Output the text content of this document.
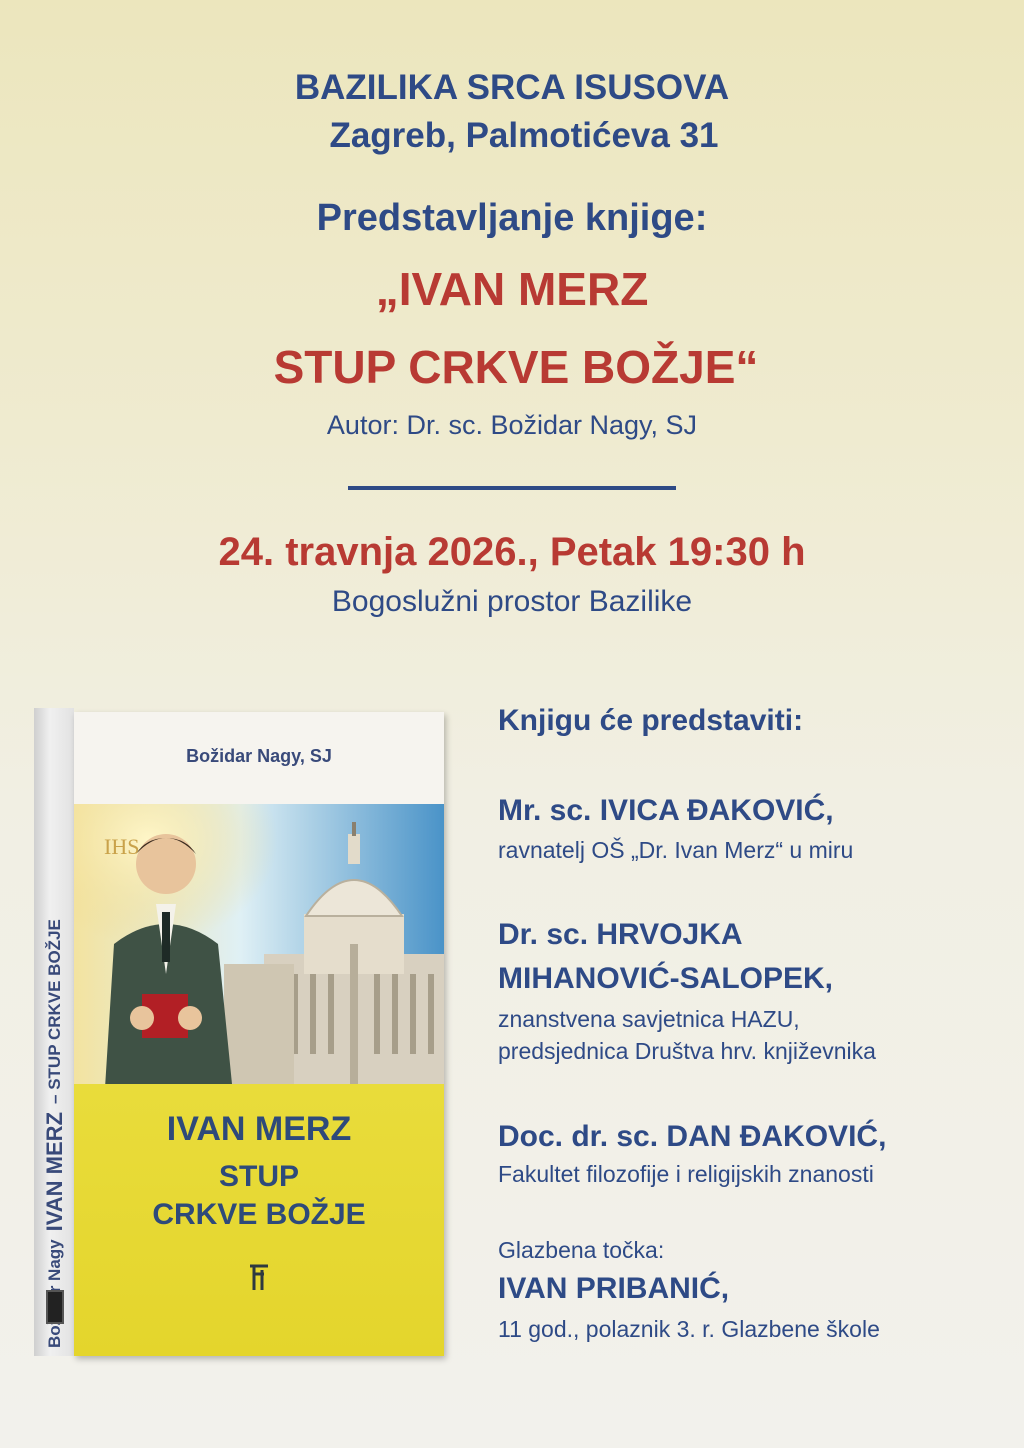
BAZILIKA SRCA ISUSOVA
Zagreb, Palmotićeva 31
Predstavljanje knjige:
„IVAN MERZ
STUP CRKVE BOŽJE“
Autor: Dr. sc. Božidar Nagy, SJ
24. travnja 2026., Petak 19:30 h
Bogoslužni prostor Bazilike
IVAN MERZ
– STUP CRKVE BOŽJE
Božidar Nagy, SJ
IHS
IVAN MERZ
STUP
CRKVE BOŽJE
Knjigu će predstaviti:
Mr. sc. IVICA ĐAKOVIĆ,
ravnatelj OŠ „Dr. Ivan Merz“ u miru
Dr. sc. HRVOJKA
MIHANOVIĆ-SALOPEK,
znanstvena savjetnica HAZU,
predsjednica Društva hrv. književnika
Doc. dr. sc. DAN ĐAKOVIĆ,
Fakultet filozofije i religijskih znanosti
Glazbena točka:
IVAN PRIBANIĆ,
11 god., polaznik 3. r. Glazbene škole
